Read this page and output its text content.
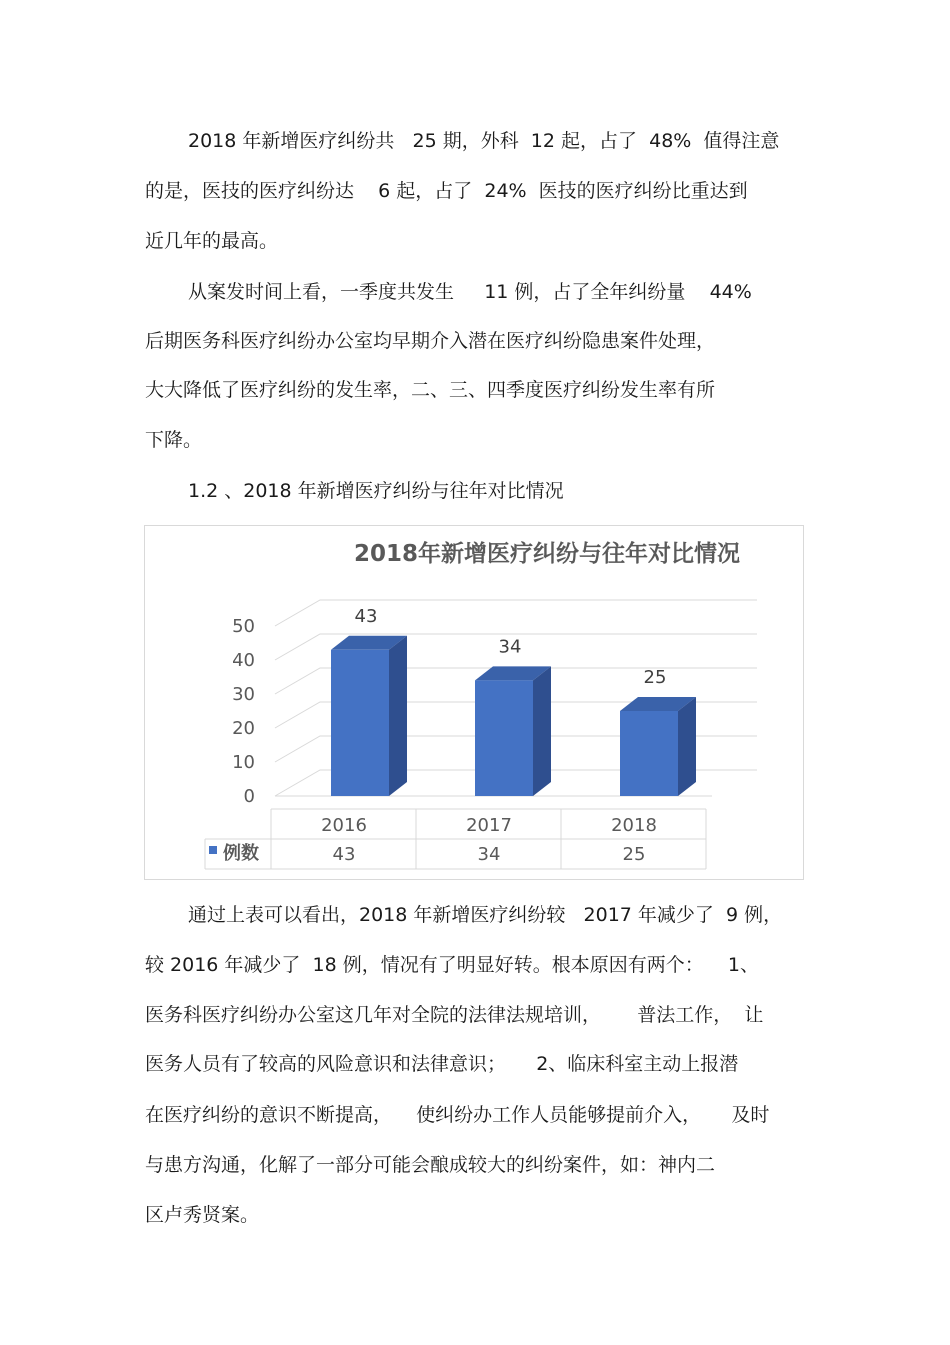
2018 年新增医疗纠纷共   25 期，外科  12 起，占了  48%  值得注意
的是，医技的医疗纠纷达    6 起，占了  24%  医技的医疗纠纷比重达到
近几年的最高。
从案发时间上看，一季度共发生     11 例，占了全年纠纷量    44%
后期医务科医疗纠纷办公室均早期介入潜在医疗纠纷隐患案件处理，
大大降低了医疗纠纷的发生率，二、三、四季度医疗纠纷发生率有所
下降。
1.2 、2018 年新增医疗纠纷与往年对比情况
2018年新增医疗纠纷与往年对比情况
0
10
20
30
40
50	43
34
25
2016	2017	2018
例数	43	34	25
通过上表可以看出，2018 年新增医疗纠纷较   2017 年减少了  9 例，
较 2016 年减少了  18 例，情况有了明显好转。根本原因有两个：    1、
医务科医疗纠纷办公室这几年对全院的法律法规培训，      普法工作，  让
医务人员有了较高的风险意识和法律意识；     2、临床科室主动上报潜
在医疗纠纷的意识不断提高，    使纠纷办工作人员能够提前介入，     及时
与患方沟通，化解了一部分可能会酿成较大的纠纷案件，如：神内二
区卢秀贤案。
